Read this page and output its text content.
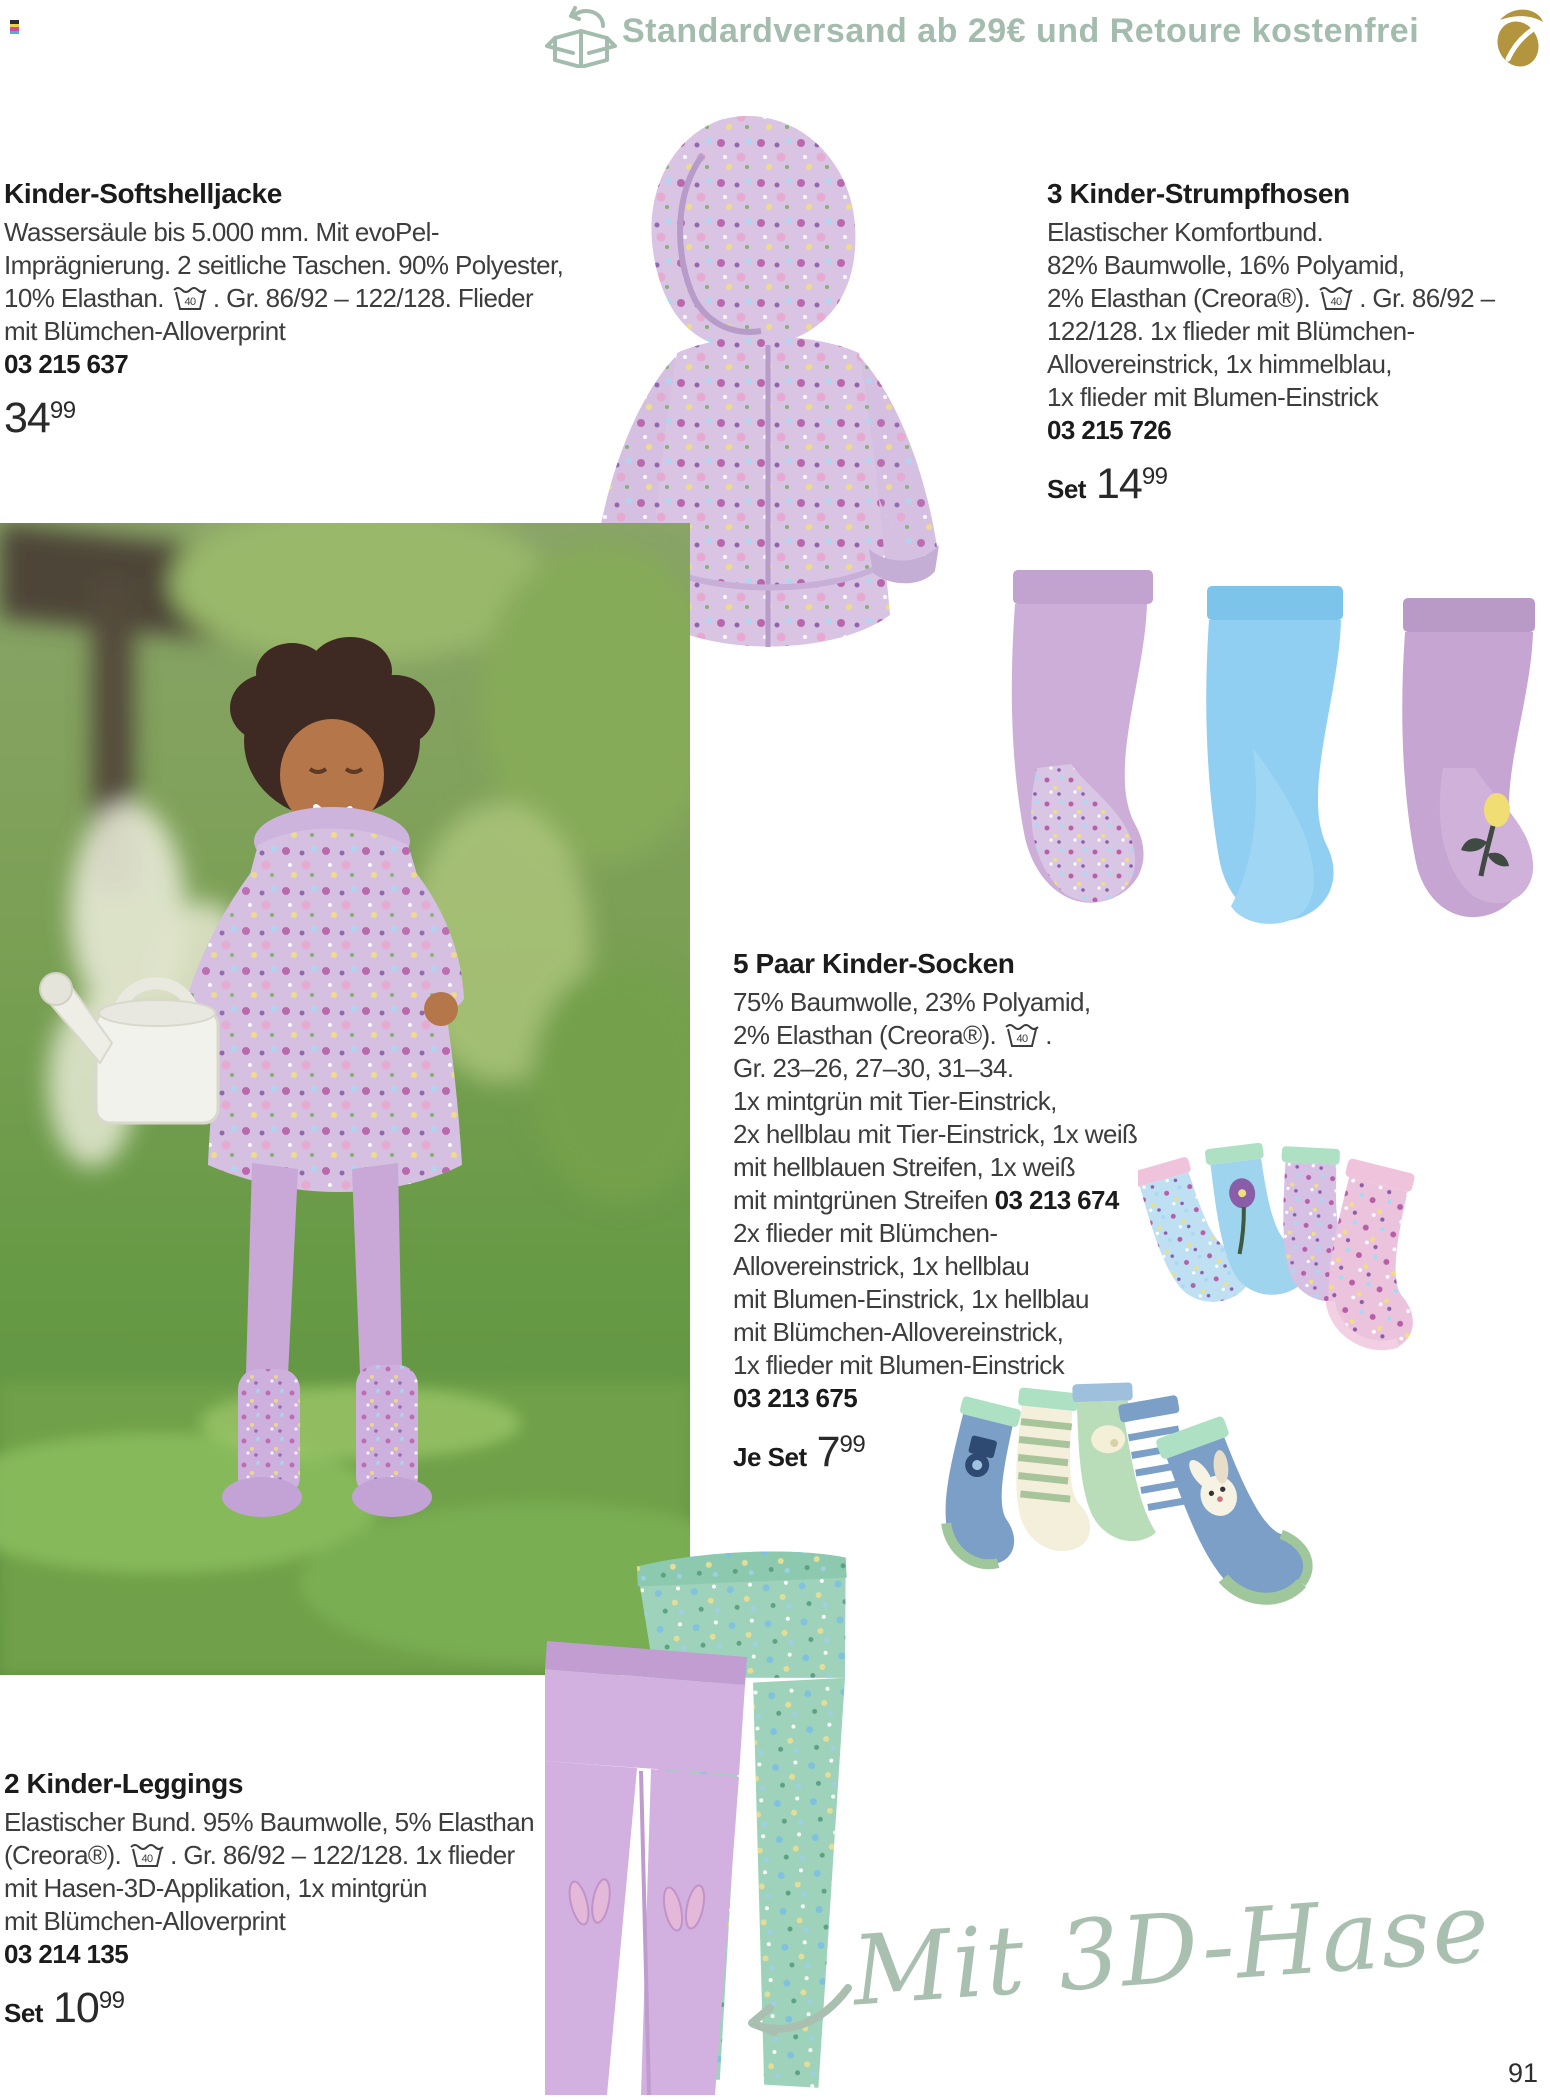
Standardversand ab 29€ und Retoure kostenfrei
Kinder-Softshelljacke
Wassersäule bis 5.000 mm. Mit evoPel-
Imprägnierung. 2 seitliche Taschen. 90% Polyester,
10% Elasthan. 40 . Gr. 86/92 – 122/128. Flieder
mit Blümchen-Alloverprint
03 215 637
3499
3 Kinder-Strumpfhosen
Elastischer Komfortbund.
82% Baumwolle, 16% Polyamid,
2% Elasthan (Creora®). 40 . Gr. 86/92 –
122/128. 1x flieder mit Blümchen-
Allovereinstrick, 1x himmelblau,
1x flieder mit Blumen-Einstrick
03 215 726
Set 1499
5 Paar Kinder-Socken
75% Baumwolle, 23% Polyamid,
2% Elasthan (Creora®). 40 .
Gr. 23–26, 27–30, 31–34.
1x mintgrün mit Tier-Einstrick,
2x hellblau mit Tier-Einstrick, 1x weiß
mit hellblauen Streifen, 1x weiß
mit mintgrünen Streifen 03 213 674
2x flieder mit Blümchen-
Allovereinstrick, 1x hellblau
mit Blumen-Einstrick, 1x hellblau
mit Blümchen-Allovereinstrick,
1x flieder mit Blumen-Einstrick
03 213 675
Je Set 799
2 Kinder-Leggings
Elastischer Bund. 95% Baumwolle, 5% Elasthan
(Creora®). 40 . Gr. 86/92 – 122/128. 1x flieder
mit Hasen-3D-Applikation, 1x mintgrün
mit Blümchen-Alloverprint
03 214 135
Set 1099	Mit 3D-Hase
91
